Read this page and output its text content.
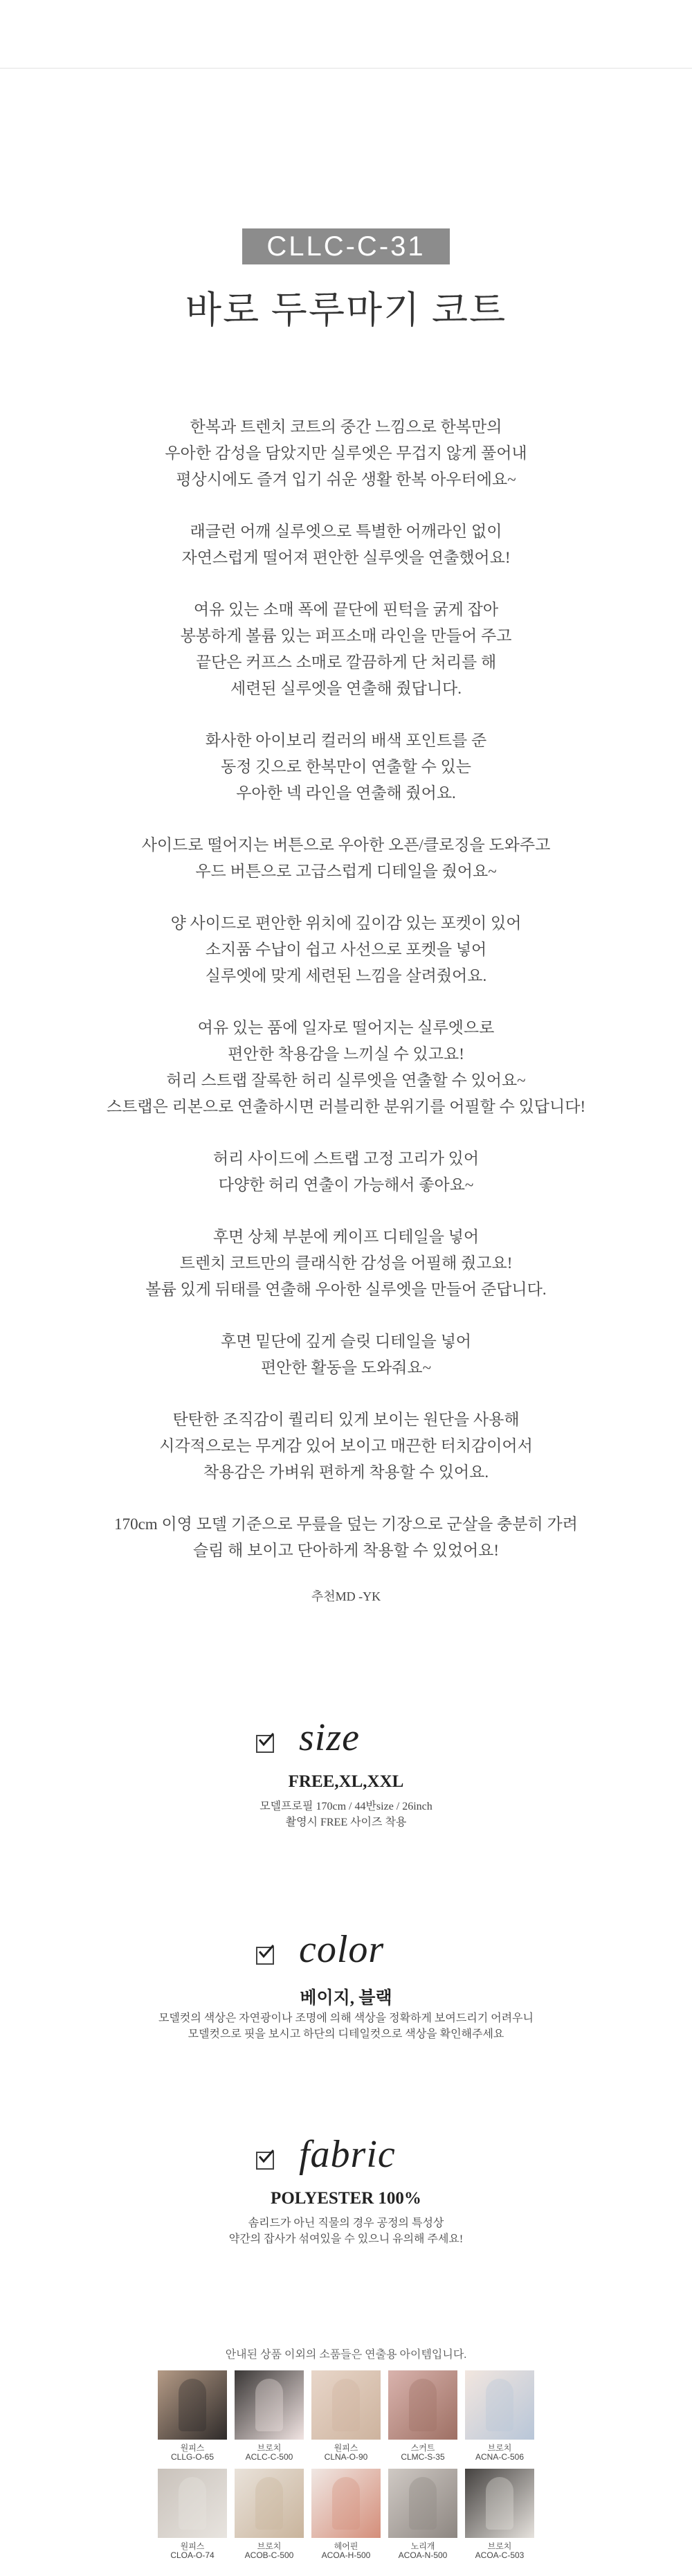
CLLC-C-31
바로 두루마기 코트
한복과 트렌치 코트의 중간 느낌으로 한복만의
우아한 감성을 담았지만 실루엣은 무겁지 않게 풀어내
평상시에도 즐겨 입기 쉬운 생활 한복 아우터에요~
래글런 어깨 실루엣으로 특별한 어깨라인 없이
자연스럽게 떨어져 편안한 실루엣을 연출했어요!
여유 있는 소매 폭에 끝단에 핀턱을 굵게 잡아
봉봉하게 볼륨 있는 퍼프소매 라인을 만들어 주고
끝단은 커프스 소매로 깔끔하게 단 처리를 해
세련된 실루엣을 연출해 줬답니다.
화사한 아이보리 컬러의 배색 포인트를 준
동정 깃으로 한복만이 연출할 수 있는
우아한 넥 라인을 연출해 줬어요.
사이드로 떨어지는 버튼으로 우아한 오픈/클로징을 도와주고
우드 버튼으로 고급스럽게 디테일을 줬어요~
양 사이드로 편안한 위치에 깊이감 있는 포켓이 있어
소지품 수납이 쉽고 사선으로 포켓을 넣어
실루엣에 맞게 세련된 느낌을 살려줬어요.
여유 있는 품에 일자로 떨어지는 실루엣으로
편안한 착용감을 느끼실 수 있고요!
허리 스트랩 잘록한 허리 실루엣을 연출할 수 있어요~
스트랩은 리본으로 연출하시면 러블리한 분위기를 어필할 수 있답니다!
허리 사이드에 스트랩 고정 고리가 있어
다양한 허리 연출이 가능해서 좋아요~
후면 상체 부분에 케이프 디테일을 넣어
트렌치 코트만의 클래식한 감성을 어필해 줬고요!
볼륨 있게 뒤태를 연출해 우아한 실루엣을 만들어 준답니다.
후면 밑단에 깊게 슬릿 디테일을 넣어
편안한 활동을 도와줘요~
탄탄한 조직감이 퀄리티 있게 보이는 원단을 사용해
시각적으로는 무게감 있어 보이고 매끈한 터치감이어서
착용감은 가벼워 편하게 착용할 수 있어요.
170cm 이영 모델 기준으로 무릎을 덮는 기장으로 군살을 충분히 가려
슬림 해 보이고 단아하게 착용할 수 있었어요!
추천MD -YK
size
FREE,XL,XXL
모델프로필 170cm / 44반size / 26inch
촬영시 FREE 사이즈 착용
color
베이지, 블랙
모델컷의 색상은 자연광이나 조명에 의해 색상을 정확하게 보여드리기 어려우니
모델컷으로 핏을 보시고 하단의 디테일컷으로 색상을 확인해주세요
fabric
POLYESTER 100%
솜리드가 아닌 직물의 경우 공정의 특성상
약간의 잡사가 섞여있을 수 있으니 유의해 주세요!
안내된 상품 이외의 소품들은 연출용 아이템입니다.
원피스
CLLG-O-65
브로치
ACLC-C-500
원피스
CLNA-O-90
스커트
CLMC-S-35
브로치
ACNA-C-506
원피스
CLOA-O-74
브로치
ACOB-C-500
헤어핀
ACOA-H-500
노리개
ACOA-N-500
브로치
ACOA-C-503
